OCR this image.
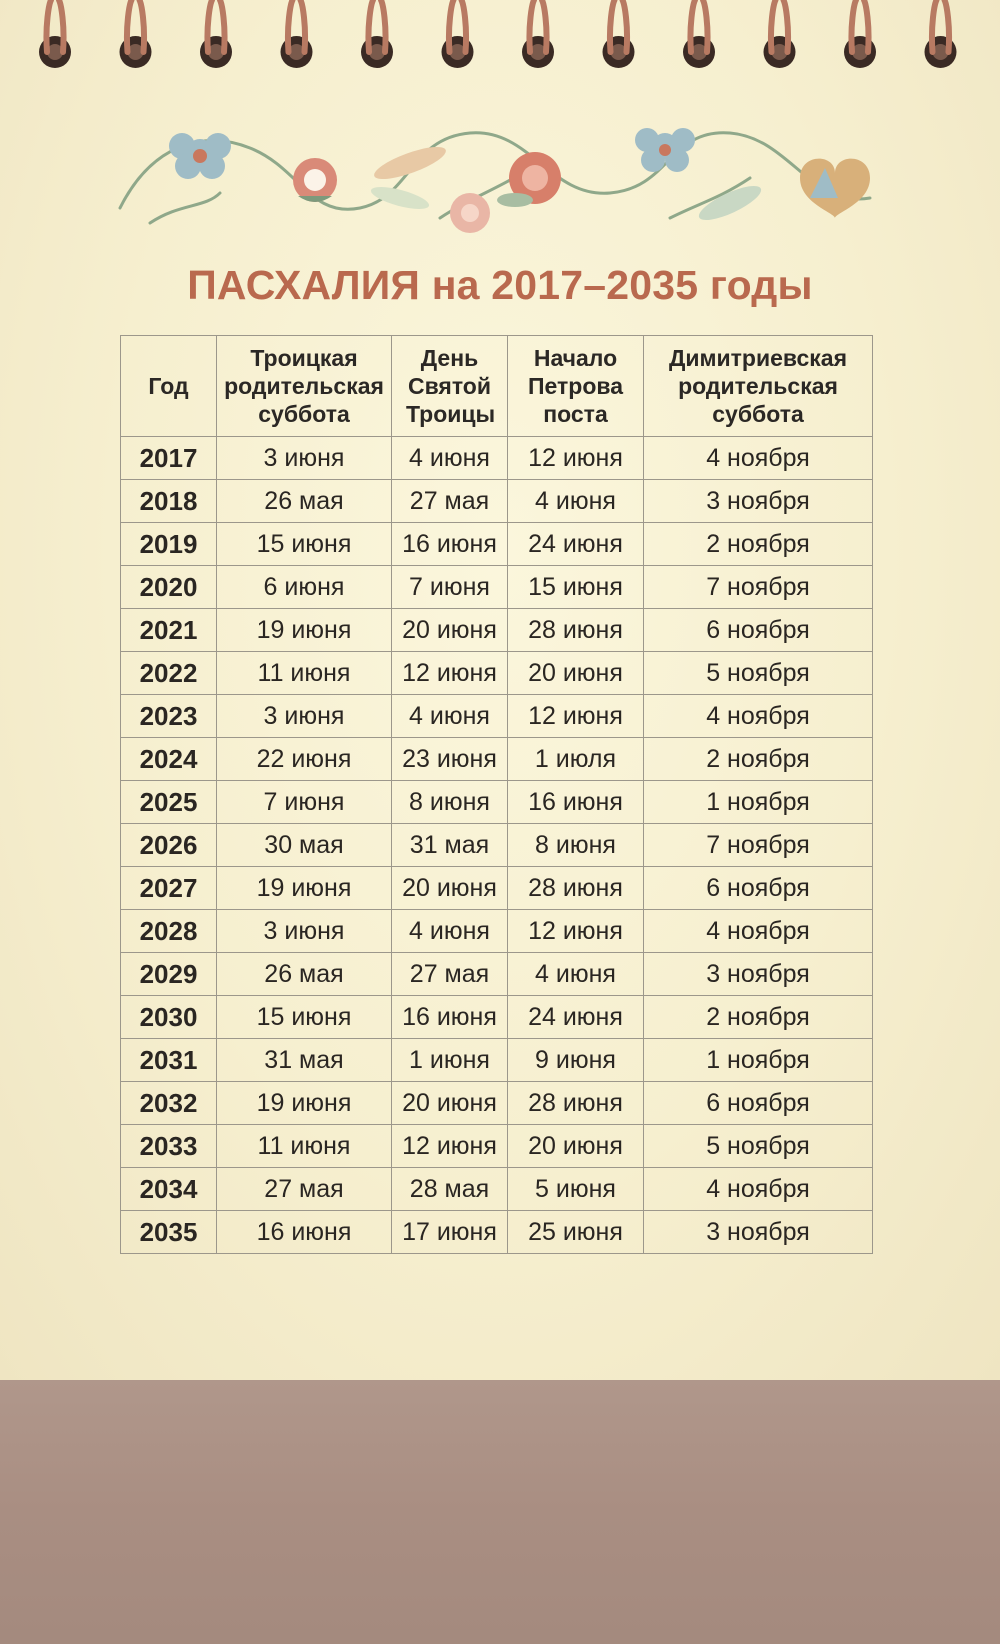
ПАСХАЛИЯ на 2017–2035 годы
Год	Троицкая родительская суббота	День Святой Троицы	Начало Петрова поста	Димитриевская родительская суббота
2017	3 июня	4 июня	12 июня	4 ноября
2018	26 мая	27 мая	4 июня	3 ноября
2019	15 июня	16 июня	24 июня	2 ноября
2020	6 июня	7 июня	15 июня	7 ноября
2021	19 июня	20 июня	28 июня	6 ноября
2022	11 июня	12 июня	20 июня	5 ноября
2023	3 июня	4 июня	12 июня	4 ноября
2024	22 июня	23 июня	1 июля	2 ноября
2025	7 июня	8 июня	16 июня	1 ноября
2026	30 мая	31 мая	8 июня	7 ноября
2027	19 июня	20 июня	28 июня	6 ноября
2028	3 июня	4 июня	12 июня	4 ноября
2029	26 мая	27 мая	4 июня	3 ноября
2030	15 июня	16 июня	24 июня	2 ноября
2031	31 мая	1 июня	9 июня	1 ноября
2032	19 июня	20 июня	28 июня	6 ноября
2033	11 июня	12 июня	20 июня	5 ноября
2034	27 мая	28 мая	5 июня	4 ноября
2035	16 июня	17 июня	25 июня	3 ноября
